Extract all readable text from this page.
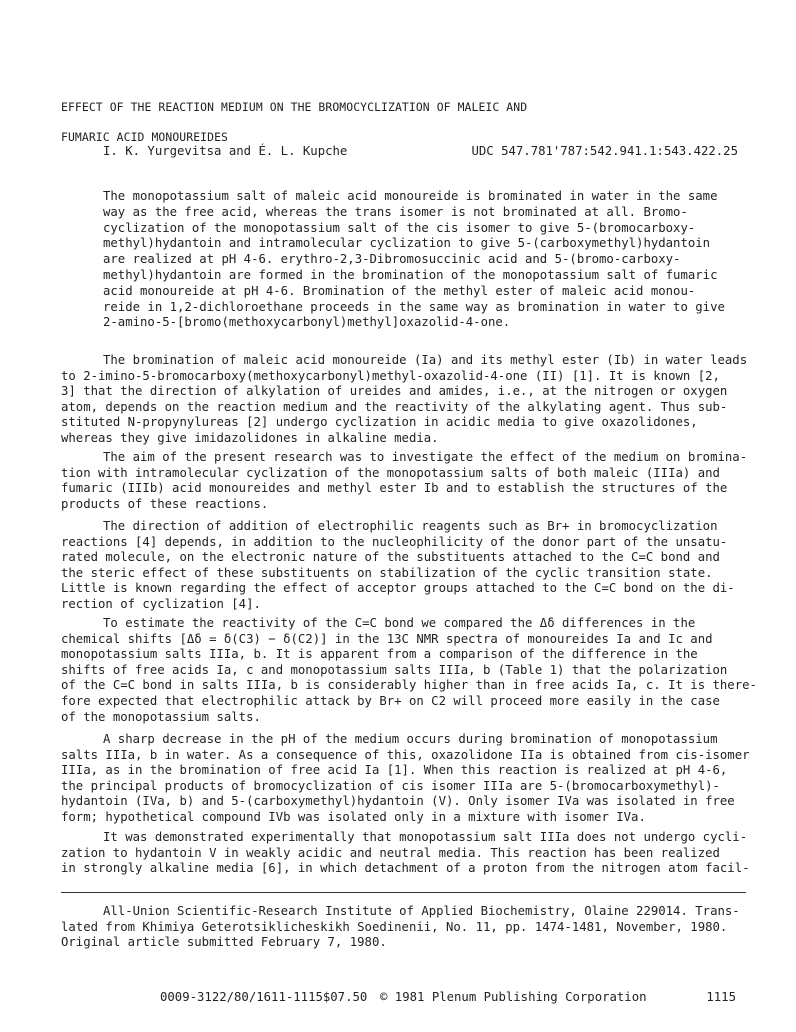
EFFECT OF THE REACTION MEDIUM ON THE BROMOCYCLIZATION OF MALEIC AND
FUMARIC ACID MONOUREIDES
I. K. Yurgevitsa and É. L. Kupche	UDC 547.781'787:542.941.1:543.422.25
The monopotassium salt of maleic acid monoureide is brominated in water in the same
way as the free acid, whereas the trans isomer is not brominated at all. Bromo-
cyclization of the monopotassium salt of the cis isomer to give 5-(bromocarboxy-
methyl)hydantoin and intramolecular cyclization to give 5-(carboxymethyl)hydantoin
are realized at pH 4-6. erythro-2,3-Dibromosuccinic acid and 5-(bromo-carboxy-
methyl)hydantoin are formed in the bromination of the monopotassium salt of fumaric
acid monoureide at pH 4-6. Bromination of the methyl ester of maleic acid monou-
reide in 1,2-dichloroethane proceeds in the same way as bromination in water to give
2-amino-5-[bromo(methoxycarbonyl)methyl]oxazolid-4-one.
The bromination of maleic acid monoureide (Ia) and its methyl ester (Ib) in water leads
to 2-imino-5-bromocarboxy(methoxycarbonyl)methyl-oxazolid-4-one (II) [1]. It is known [2,
3] that the direction of alkylation of ureides and amides, i.e., at the nitrogen or oxygen
atom, depends on the reaction medium and the reactivity of the alkylating agent. Thus sub-
stituted N-propynylureas [2] undergo cyclization in acidic media to give oxazolidones,
whereas they give imidazolidones in alkaline media.
The aim of the present research was to investigate the effect of the medium on bromina-
tion with intramolecular cyclization of the monopotassium salts of both maleic (IIIa) and
fumaric (IIIb) acid monoureides and methyl ester Ib and to establish the structures of the
products of these reactions.
The direction of addition of electrophilic reagents such as Br+ in bromocyclization
reactions [4] depends, in addition to the nucleophilicity of the donor part of the unsatu-
rated molecule, on the electronic nature of the substituents attached to the C=C bond and
the steric effect of these substituents on stabilization of the cyclic transition state.
Little is known regarding the effect of acceptor groups attached to the C=C bond on the di-
rection of cyclization [4].
To estimate the reactivity of the C=C bond we compared the Δδ differences in the
chemical shifts [Δδ = δ(C3) − δ(C2)] in the 13C NMR spectra of monoureides Ia and Ic and
monopotassium salts IIIa, b. It is apparent from a comparison of the difference in the
shifts of free acids Ia, c and monopotassium salts IIIa, b (Table 1) that the polarization
of the C=C bond in salts IIIa, b is considerably higher than in free acids Ia, c. It is there-
fore expected that electrophilic attack by Br+ on C2 will proceed more easily in the case
of the monopotassium salts.
A sharp decrease in the pH of the medium occurs during bromination of monopotassium
salts IIIa, b in water. As a consequence of this, oxazolidone IIa is obtained from cis-isomer
IIIa, as in the bromination of free acid Ia [1]. When this reaction is realized at pH 4-6,
the principal products of bromocyclization of cis isomer IIIa are 5-(bromocarboxymethyl)-
hydantoin (IVa, b) and 5-(carboxymethyl)hydantoin (V). Only isomer IVa was isolated in free
form; hypothetical compound IVb was isolated only in a mixture with isomer IVa.
It was demonstrated experimentally that monopotassium salt IIIa does not undergo cycli-
zation to hydantoin V in weakly acidic and neutral media. This reaction has been realized
in strongly alkaline media [6], in which detachment of a proton from the nitrogen atom facil-
All-Union Scientific-Research Institute of Applied Biochemistry, Olaine 229014. Trans-
lated from Khimiya Geterotsiklicheskikh Soedinenii, No. 11, pp. 1474-1481, November, 1980.
Original article submitted February 7, 1980.
0009-3122/80/1611-1115$07.50 © 1981 Plenum Publishing Corporation	1115
